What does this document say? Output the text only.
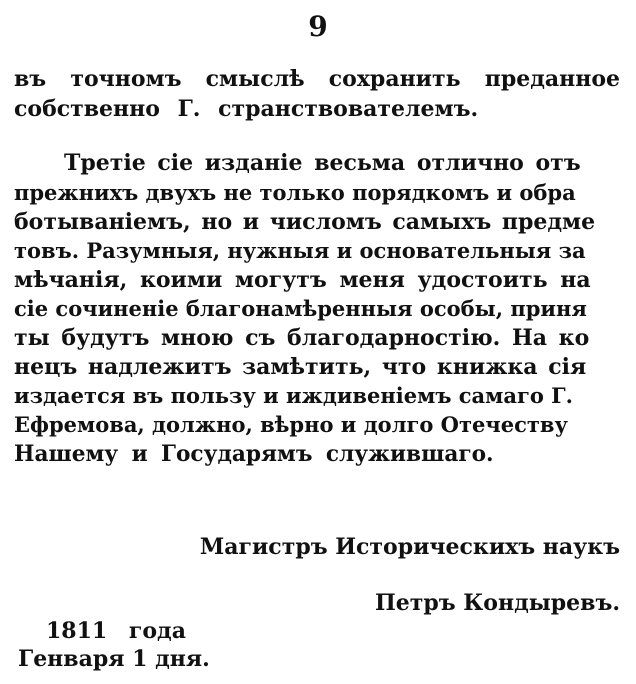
9
въ точномъ смыслѣ сохранить преданное
собственно Г. странствователемъ.
Третіе сіе изданіе весьма отлично отъ
прежнихъ двухъ не только порядкомъ и обра
ботываніемъ, но и числомъ самыхъ предме
товъ. Разумныя, нужныя и основательныя за
мѣчанія, коими могутъ меня удостоить на
сіе сочиненіе благонамѣренныя особы, приня
ты будутъ мною съ благодарностію. На ко
нецъ надлежитъ замѣтить, что книжка сія
издается въ пользу и иждивеніемъ самаго Г.
Ефремова, должно, вѣрно и долго Отечеству
Нашему и Государямъ служившаго.
Магистръ Историческихъ наукъ
Петръ Кондыревъ.
1811 года
Генваря 1 дня.
